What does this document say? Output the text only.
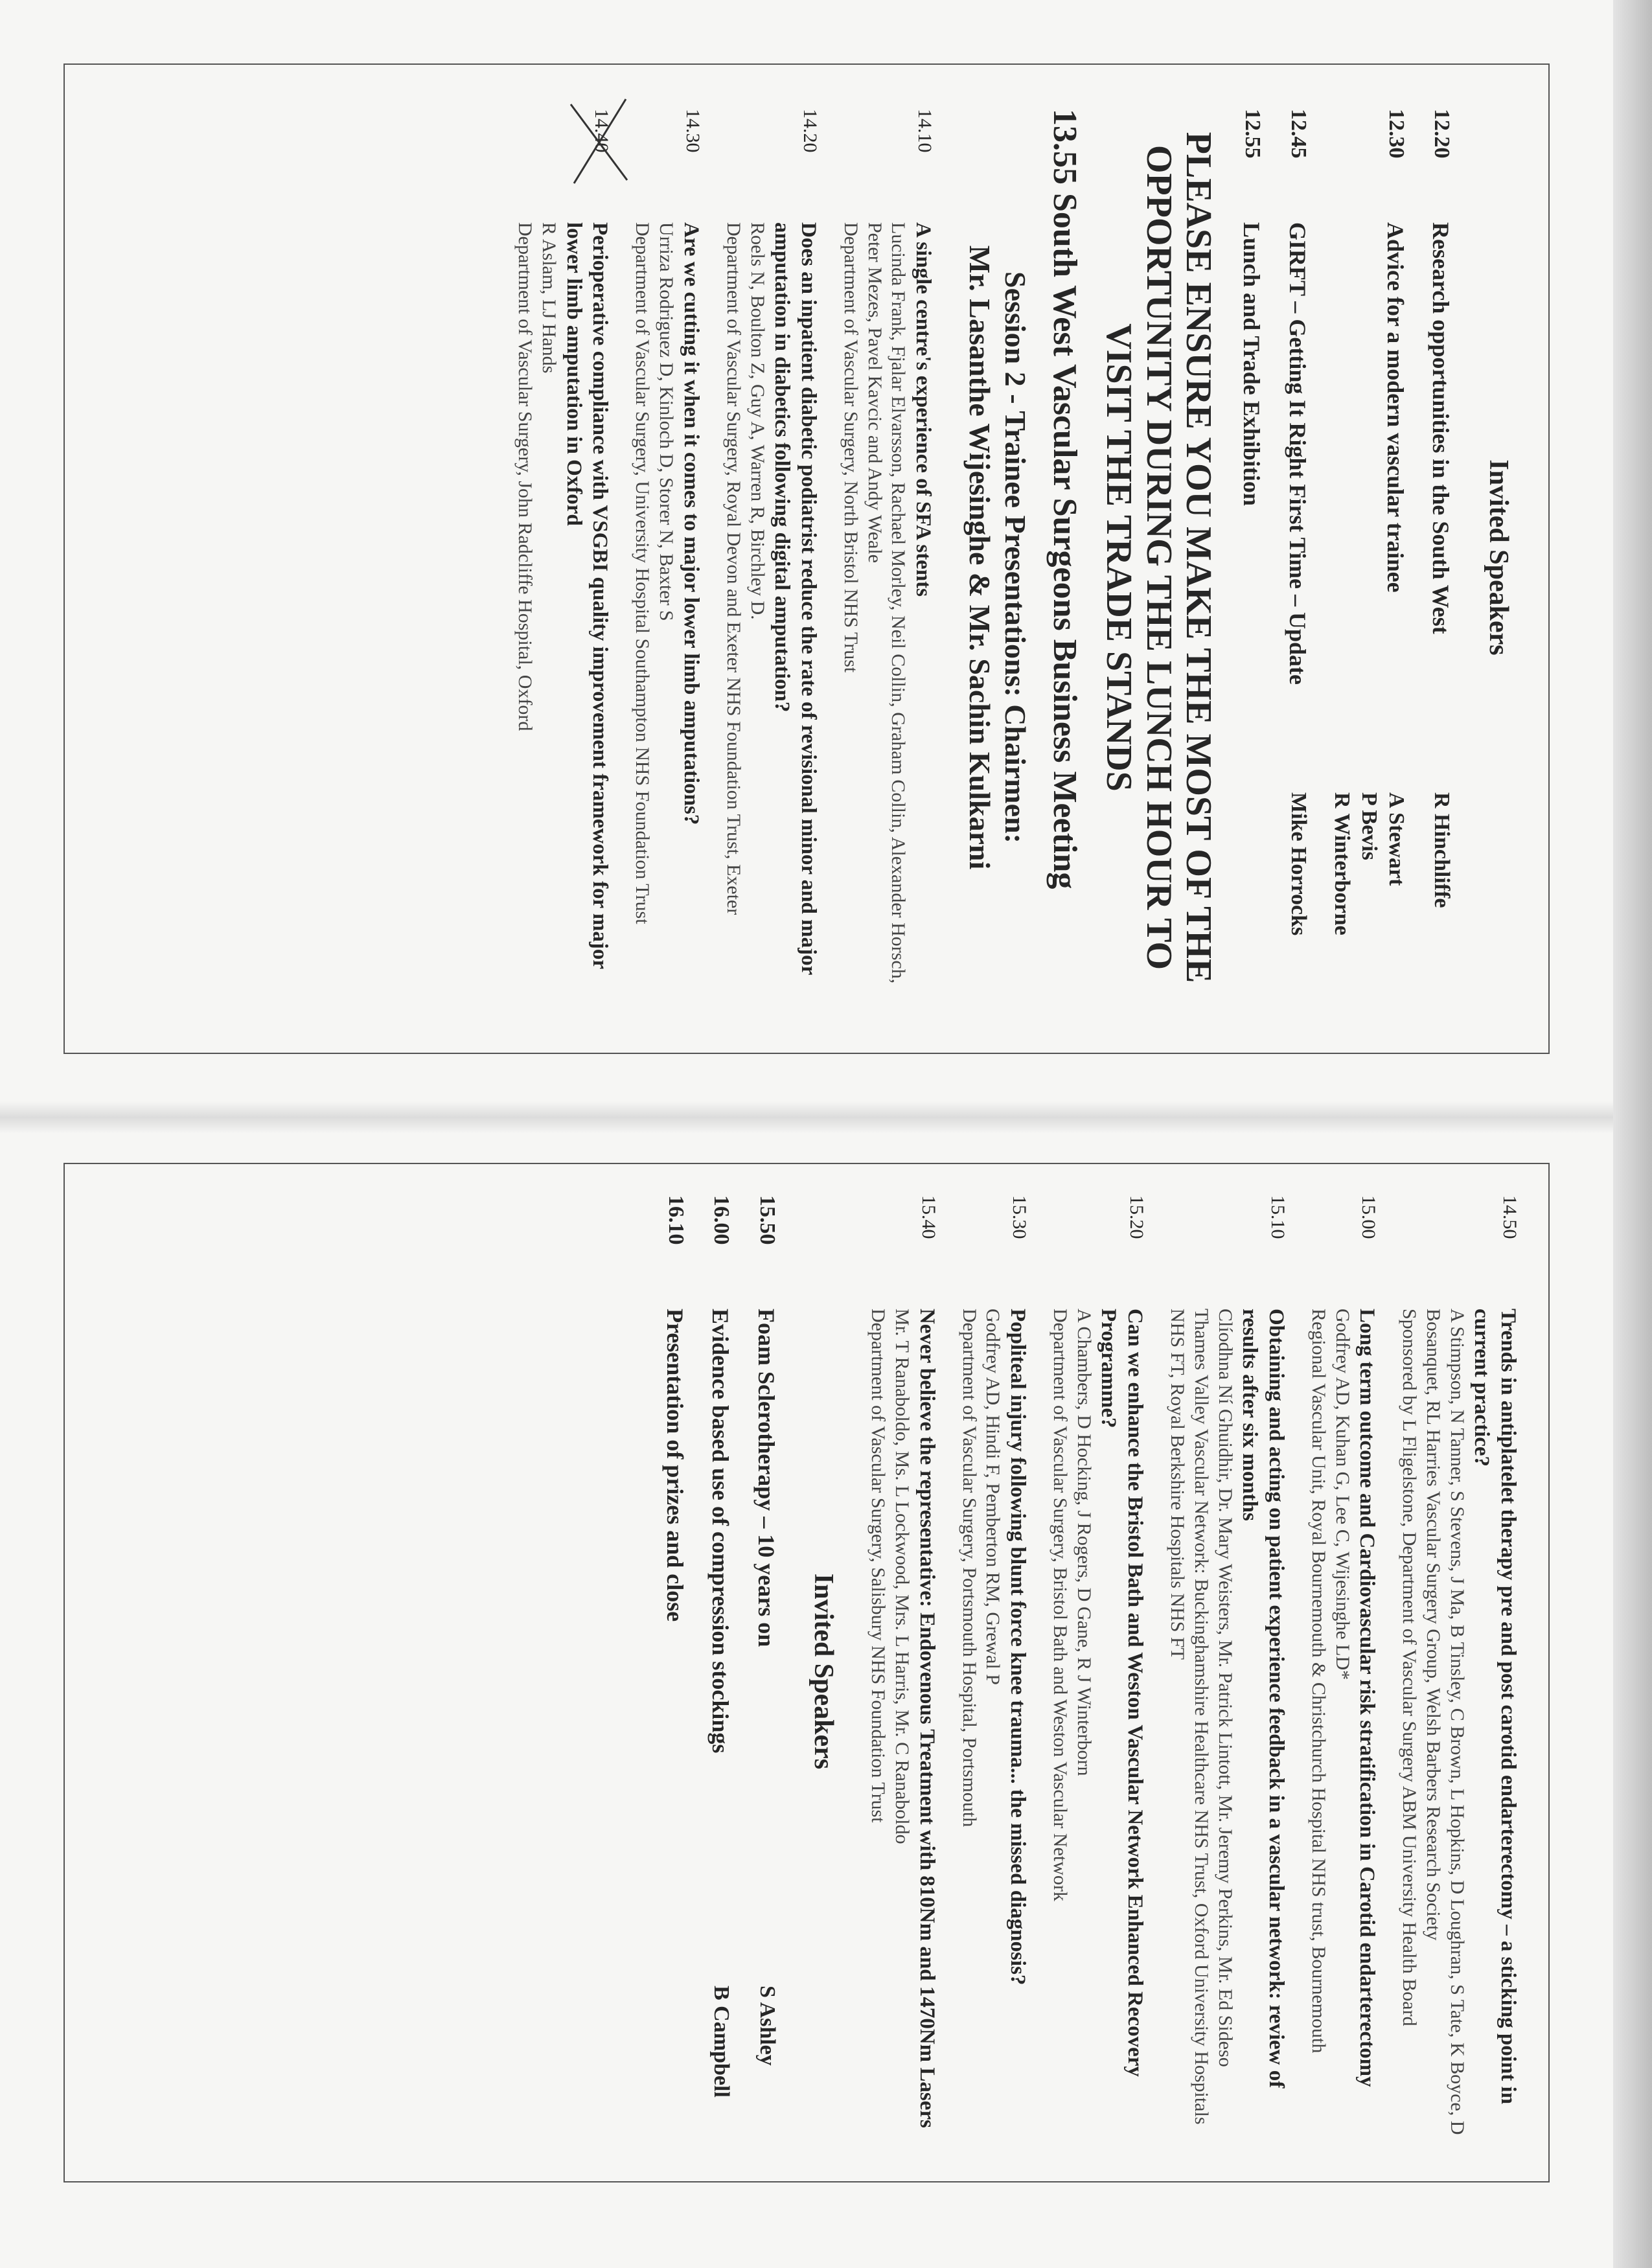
Invited Speakers
12.20
Research opportunities in the South West
R Hinchliffe
12.30
Advice for a modern vascular trainee
A Stewart
P Bevis
R Winterborne
12.45
GIRFT – Getting It Right First Time – Update
Mike Horrocks
12.55
Lunch and Trade Exhibition
PLEASE ENSURE YOU MAKE THE MOST OF THE OPPORTUNITY DURING THE LUNCH HOUR TO VISIT THE TRADE STANDS
13.55 South West Vascular Surgeons Business Meeting
Session 2 - Trainee Presentations: Chairmen:
Mr. Lasanthe Wijesinghe & Mr. Sachin Kulkarni
14.10
A single centre's experience of SFA stents
Lucinda Frank, Fjalar Elvarsson, Rachael Morley, Neil Collin, Graham Collin, Alexander Horsch, Peter Mezes, Pavel Kavcic and Andy Weale
Department of Vascular Surgery, North Bristol NHS Trust
14.20
Does an inpatient diabetic podiatrist reduce the rate of revisional minor and major amputation in diabetics following digital amputation?
Roels N, Boulton Z, Guy A, Warren R, Birchley D.
Department of Vascular Surgery, Royal Devon and Exeter NHS Foundation Trust, Exeter
14.30
Are we cutting it when it comes to major lower limb amputations?
Urriza Rodriguez D, Kinloch D, Storer N, Baxter S
Department of Vascular Surgery, University Hospital Southampton NHS Foundation Trust
14.40
Perioperative compliance with VSGBI quality improvement framework for major lower limb amputation in Oxford
R Aslam, LJ Hands
Department of Vascular Surgery, John Radcliffe Hospital, Oxford
14.50
Trends in antiplatelet therapy pre and post carotid endarterectomy – a sticking point in current practice?
A Stimpson, N Tanner, S Stevens, J Ma, B Tinsley, C Brown, L Hopkins, D Loughran, S Tate, K Boyce, D Bosanquet, RL Harries Vascular Surgery Group, Welsh Barbers Research Society
Sponsored by L Fligelstone, Department of Vascular Surgery ABM University Health Board
15.00
Long term outcome and Cardiovascular risk stratification in Carotid endarterectomy
Godfrey AD, Kuhan G, Lee C, Wijesinghe LD*
Regional Vascular Unit, Royal Bournemouth & Christchurch Hospital NHS trust, Bournemouth
15.10
Obtaining and acting on patient experience feedback in a vascular network: review of results after six months
Clíodhna Ní Ghuidhir, Dr. Mary Weisters, Mr. Patrick Lintott, Mr. Jeremy Perkins, Mr. Ed Sideso
Thames Valley Vascular Network: Buckinghamshire Healthcare NHS Trust, Oxford University Hospitals NHS FT, Royal Berkshire Hospitals NHS FT
15.20
Can we enhance the Bristol Bath and Weston Vascular Network Enhanced Recovery Programme?
A Chambers, D Hocking, J Rogers, D Gane, R J Winterborn
Department of Vascular Surgery, Bristol Bath and Weston Vascular Network
15.30
Popliteal injury following blunt force knee trauma... the missed diagnosis?
Godfrey AD, Hindi F, Pemberton RM, Grewal P
Department of Vascular Surgery, Portsmouth Hospital, Portsmouth
15.40
Never believe the representative: Endovenous Treatment with 810Nm and 1470Nm Lasers
Mr. T Ranaboldo, Ms. L Lockwood, Mrs. L Harris, Mr. C Ranaboldo
Department of Vascular Surgery, Salisbury NHS Foundation Trust
Invited Speakers
15.50
Foam Sclerotherapy – 10 years on
S Ashley
16.00
Evidence based use of compression stockings
B Campbell
16.10
Presentation of prizes and close
